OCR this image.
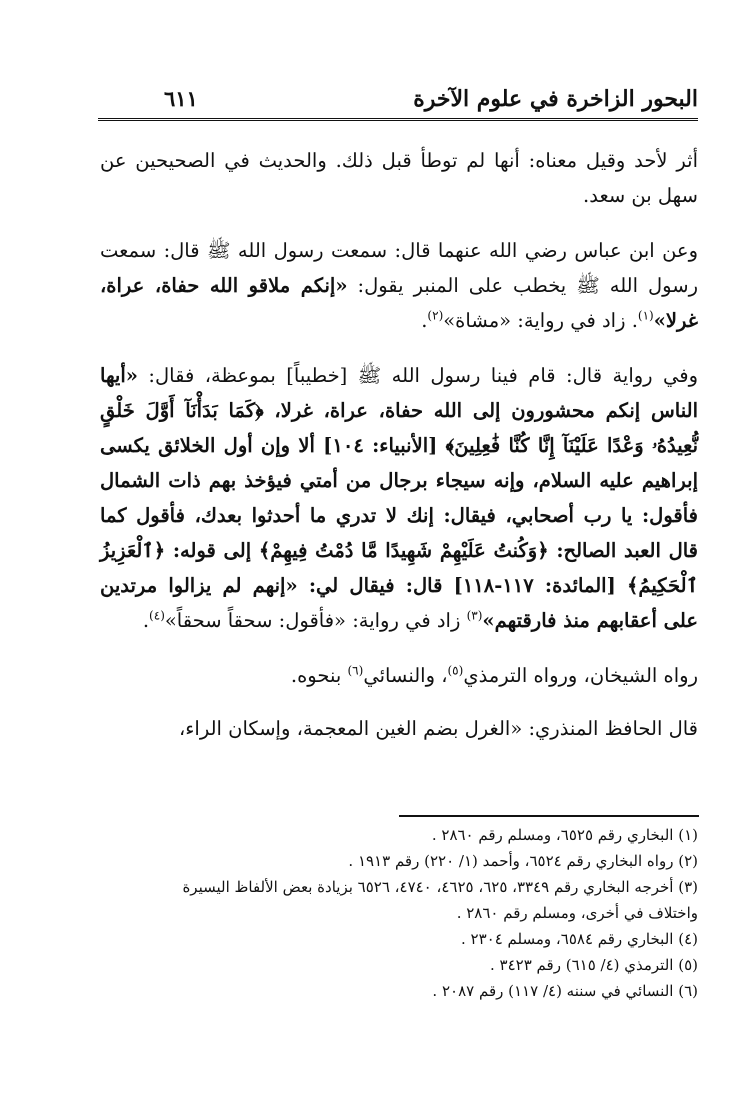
البحور الزاخرة في علوم الآخرة
٦١١

أثر لأحد وقيل معناه: أنها لم توطأ قبل ذلك. والحديث في الصحيحين عن سهل بن سعد.

وعن ابن عباس رضي الله عنهما قال: سمعت رسول الله ﷺ قال: سمعت رسول الله ﷺ يخطب على المنبر يقول: «إنكم ملاقو الله حفاة، عراة، غرلا»$^{(١)}$. زاد في رواية: «مشاة»$^{(٢)}$.

وفي رواية قال: قام فينا رسول الله ﷺ [خطيباً] بموعظة، فقال: «أيها الناس إنكم محشورون إلى الله حفاة، عراة، غرلا، ﴿كَمَا بَدَأْنَآ أَوَّلَ خَلْقٍ نُّعِيدُهُۥ وَعْدًا عَلَيْنَآ إِنَّا كُنَّا فَٰعِلِينَ﴾ [الأنبياء: ١٠٤] ألا وإن أول الخلائق يكسى إبراهيم عليه السلام، وإنه سيجاء برجال من أمتي فيؤخذ بهم ذات الشمال فأقول: يا رب أصحابي، فيقال: إنك لا تدري ما أحدثوا بعدك، فأقول كما قال العبد الصالح: ﴿وَكُنتُ عَلَيْهِمْ شَهِيدًا مَّا دُمْتُ فِيهِمْ﴾ إلى قوله: ﴿ٱلْعَزِيزُ ٱلْحَكِيمُ﴾ [المائدة: ١١٧-١١٨] قال: فيقال لي: «إنهم لم يزالوا مرتدين على أعقابهم منذ فارقتهم»$^{(٣)}$ زاد في رواية: «فأقول: سحقاً سحقاً»$^{(٤)}$.

رواه الشيخان، ورواه الترمذي$^{(٥)}$، والنسائي$^{(٦)}$ بنحوه.

قال الحافظ المنذري: «الغرل بضم الغين المعجمة، وإسكان الراء،

(١) البخاري رقم ٦٥٢٥، ومسلم رقم ٢٨٦٠ .
(٢) رواه البخاري رقم ٦٥٢٤، وأحمد (١/ ٢٢٠) رقم ١٩١٣ .
(٣) أخرجه البخاري رقم ٣٣٤٩، ٦٢٥، ٤٦٢٥، ٤٧٤٠، ٦٥٢٦ بزيادة بعض الألفاظ اليسيرة
واختلاف في أخرى، ومسلم رقم ٢٨٦٠ .
(٤) البخاري رقم ٦٥٨٤، ومسلم ٢٣٠٤ .
(٥) الترمذي (٤/ ٦١٥) رقم ٣٤٢٣ .
(٦) النسائي في سننه (٤/ ١١٧) رقم ٢٠٨٧ .
